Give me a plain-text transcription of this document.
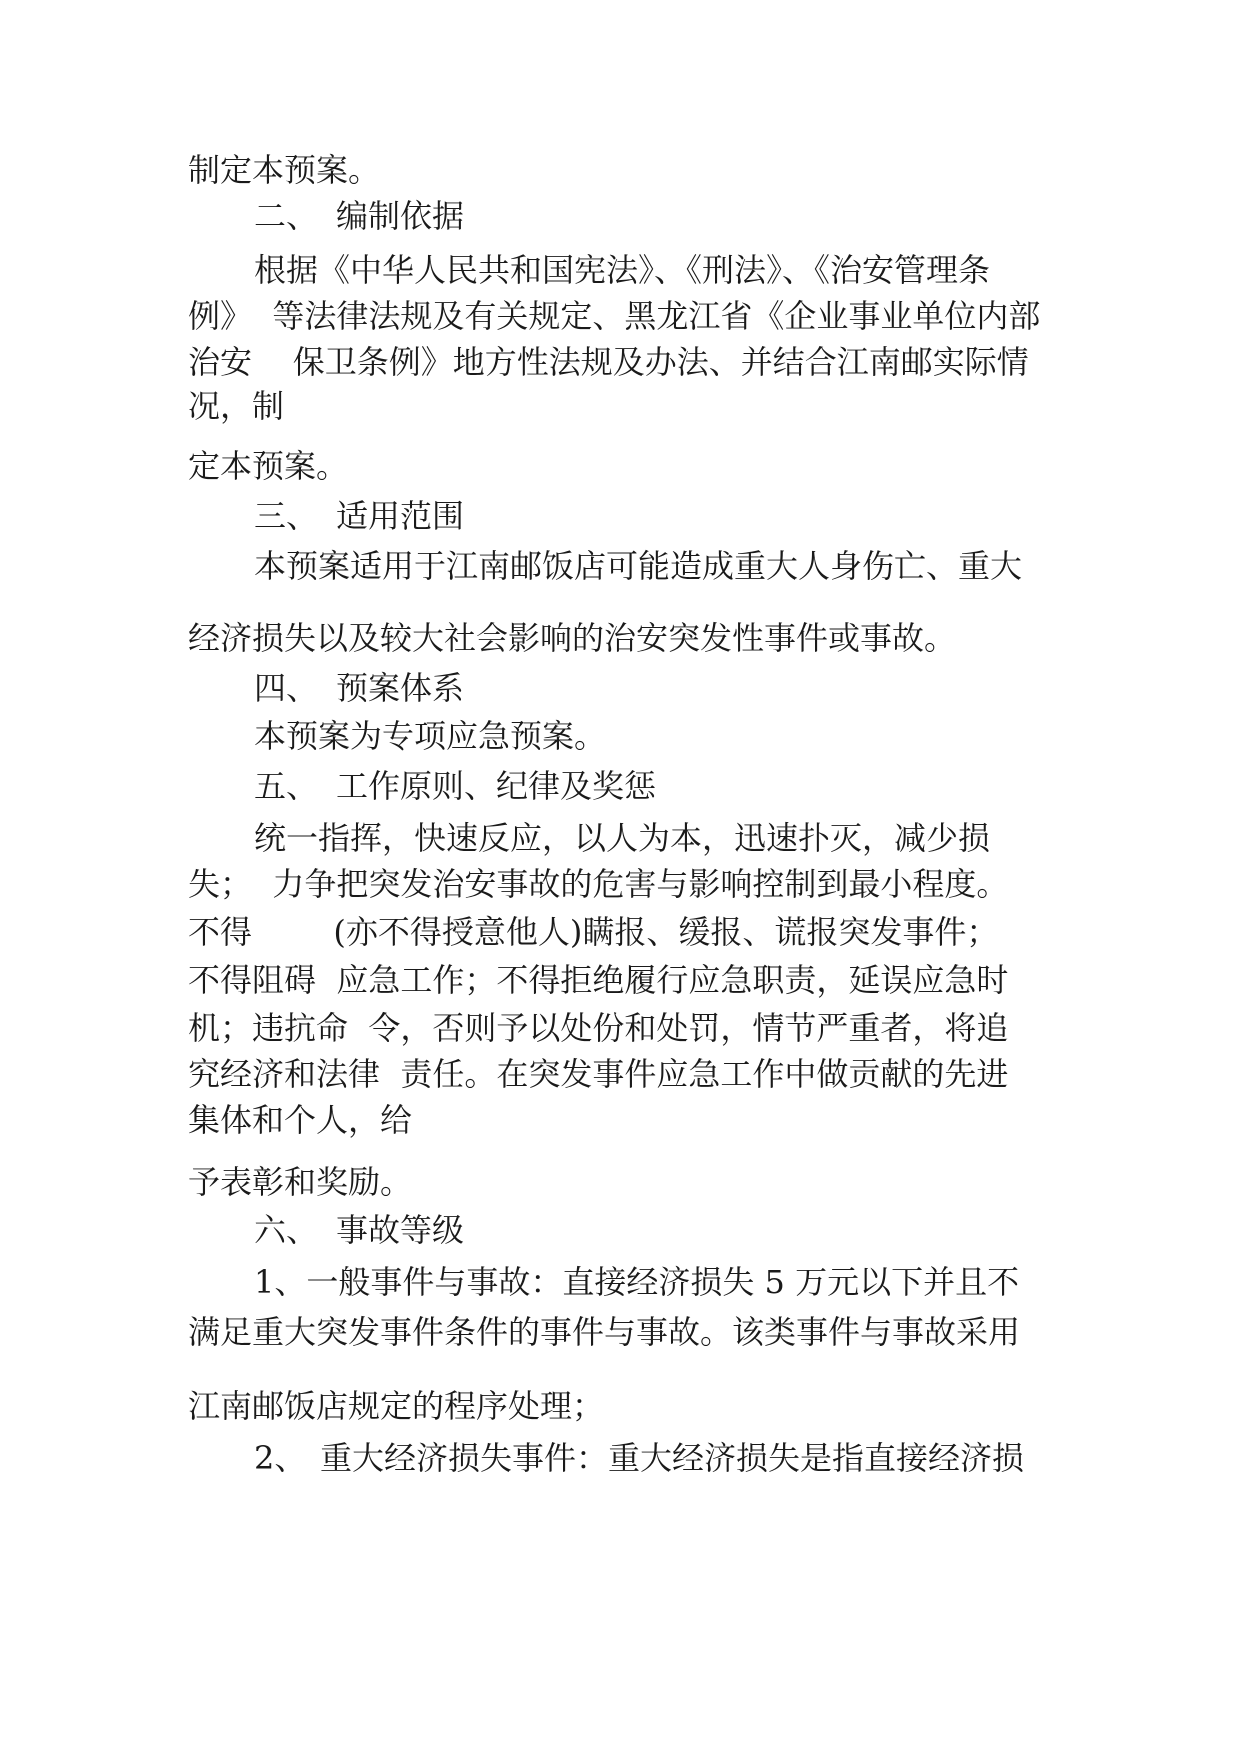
制定本预案。
二、 编制依据
根据《中华人民共和国宪法》、《刑法》、《治安管理条
例》  等法律法规及有关规定、黑龙江省《企业事业单位内部
治安    保卫条例》地方性法规及办法、并结合江南邮实际情
况，制
定本预案。
三、 适用范围
本预案适用于江南邮饭店可能造成重大人身伤亡、重大
经济损失以及较大社会影响的治安突发性事件或事故。
四、 预案体系
本预案为专项应急预案。
五、 工作原则、纪律及奖惩
统一指挥，快速反应，以人为本，迅速扑灭，减少损
失；  力争把突发治安事故的危害与影响控制到最小程度。
不得        (亦不得授意他人)瞒报、缓报、谎报突发事件；
不得阻碍  应急工作；不得拒绝履行应急职责，延误应急时
机；违抗命  令，否则予以处份和处罚，情节严重者，将追
究经济和法律  责任。在突发事件应急工作中做贡献的先进
集体和个人，给
予表彰和奖励。
六、 事故等级
1、一般事件与事故：直接经济损失 5 万元以下并且不
满足重大突发事件条件的事件与事故。该类事件与事故采用
江南邮饭店规定的程序处理；
2、 重大经济损失事件：重大经济损失是指直接经济损
